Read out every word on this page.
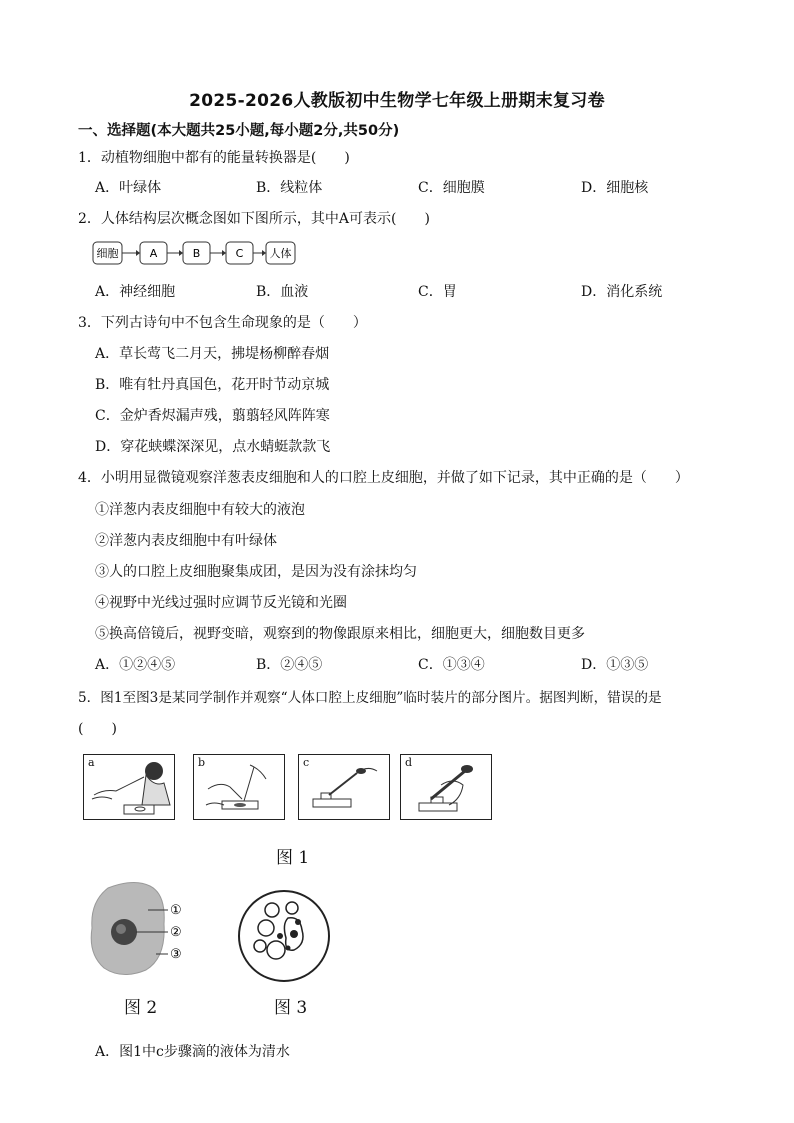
2025-2026人教版初中生物学七年级上册期末复习卷
一、选择题(本大题共25小题,每小题2分,共50分)
1．动植物细胞中都有的能量转换器是(　　)
A．叶绿体	B．线粒体	C．细胞膜	D．细胞核
2．人体结构层次概念图如下图所示，其中A可表示(　　)
细胞	A	B	C 人体
A．神经细胞	B．血液	C．胃	D．消化系统
3．下列古诗句中不包含生命现象的是（　　）
A．草长莺飞二月天，拂堤杨柳醉春烟
B．唯有牡丹真国色，花开时节动京城
C．金炉香烬漏声残，翦翦轻风阵阵寒
D．穿花蛱蝶深深见，点水蜻蜓款款飞
4．小明用显微镜观察洋葱表皮细胞和人的口腔上皮细胞，并做了如下记录，其中正确的是（　　）
①洋葱内表皮细胞中有较大的液泡
②洋葱内表皮细胞中有叶绿体
③人的口腔上皮细胞聚集成团，是因为没有涂抹均匀
④视野中光线过强时应调节反光镜和光圈
⑤换高倍镜后，视野变暗，观察到的物像跟原来相比，细胞更大，细胞数目更多
A．①②④⑤	B．②④⑤	C．①③④	D．①③⑤
5．图1至图3是某同学制作并观察“人体口腔上皮细胞”临时装片的部分图片。据图判断，错误的是
(　　)
a	b	c	d
图 1
①
②
③
图 2	图 3
A．图1中c步骤滴的液体为清水
